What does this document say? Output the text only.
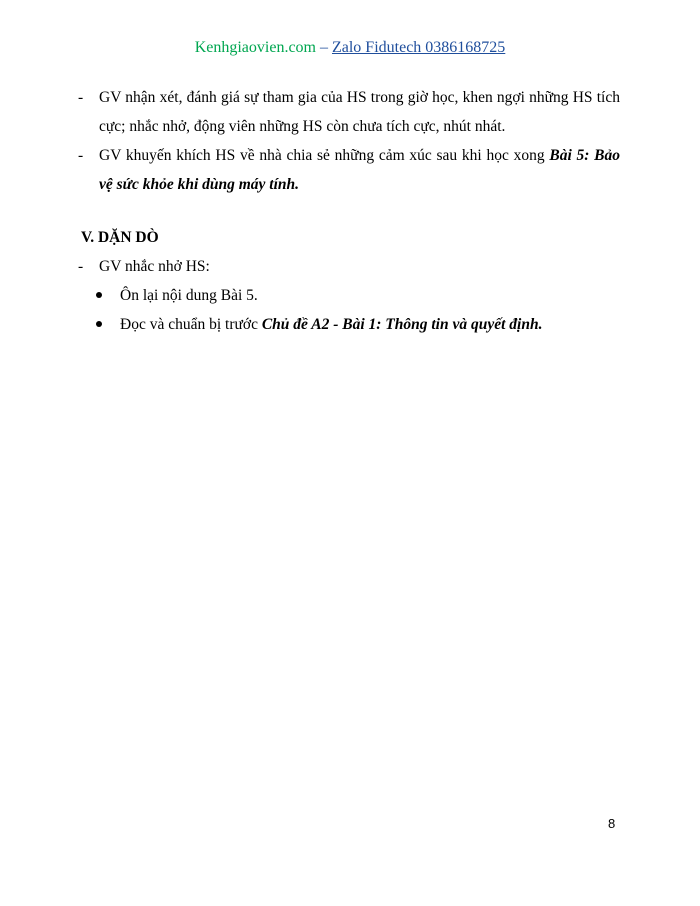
Kenhgiaovien.com – Zalo Fidutech 0386168725
- GV nhận xét, đánh giá sự tham gia của HS trong giờ học, khen ngợi những HS tích cực; nhắc nhở, động viên những HS còn chưa tích cực, nhút nhát.
- GV khuyến khích HS về nhà chia sẻ những cảm xúc sau khi học xong Bài 5: Bảo vệ sức khỏe khi dùng máy tính.
V. DẶN DÒ
- GV nhắc nhở HS:
Ôn lại nội dung Bài 5.
Đọc và chuẩn bị trước Chủ đề A2 - Bài 1: Thông tin và quyết định.
8
